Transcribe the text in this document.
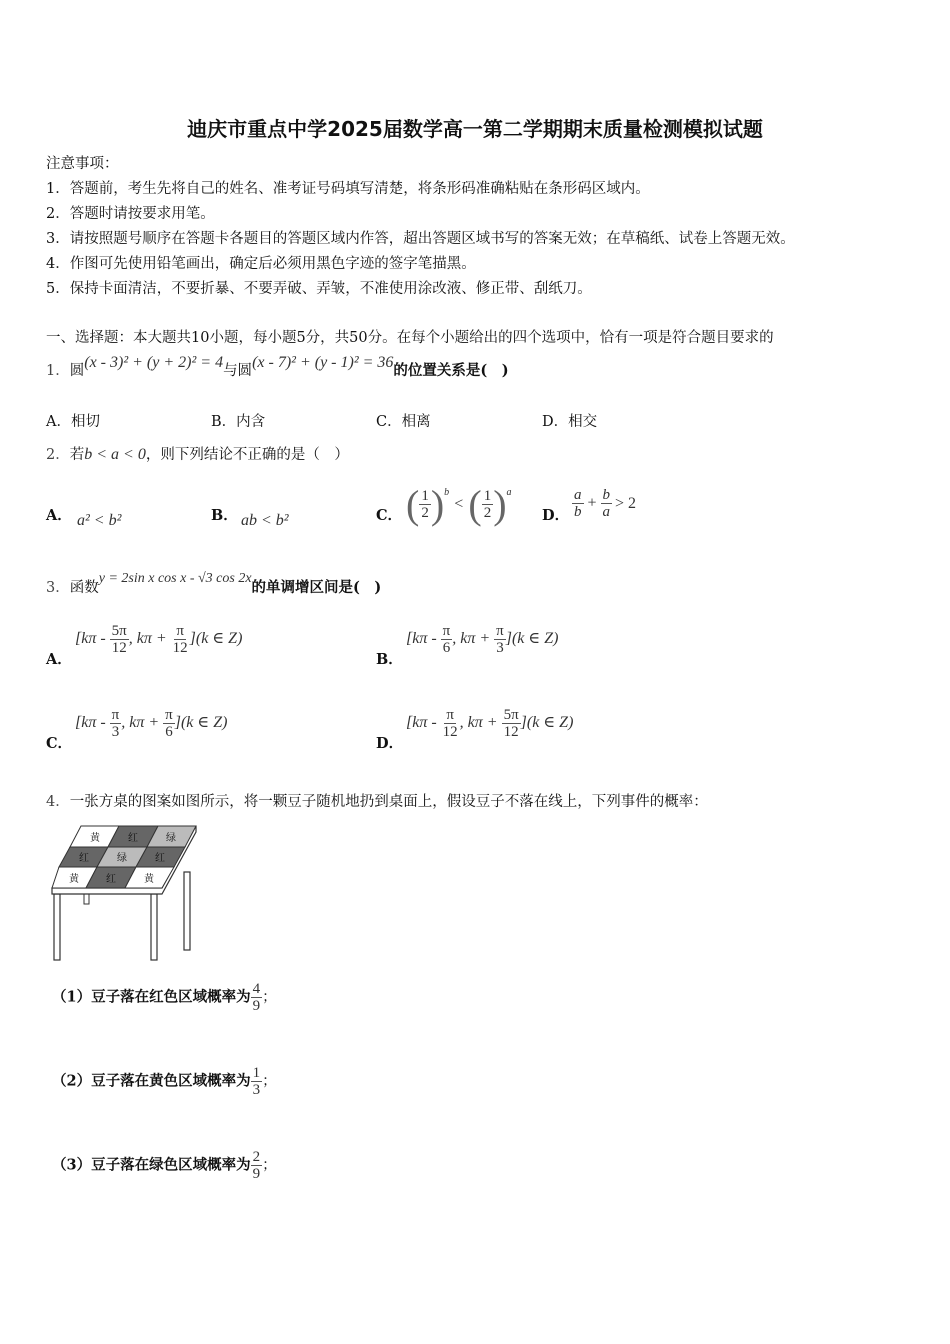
迪庆市重点中学2025届数学高一第二学期期末质量检测模拟试题
注意事项：
1．答题前，考生先将自己的姓名、准考证号码填写清楚，将条形码准确粘贴在条形码区域内。
2．答题时请按要求用笔。
3．请按照题号顺序在答题卡各题目的答题区域内作答，超出答题区域书写的答案无效；在草稿纸、试卷上答题无效。
4．作图可先使用铅笔画出，确定后必须用黑色字迹的签字笔描黑。
5．保持卡面清洁，不要折暴、不要弄破、弄皱，不准使用涂改液、修正带、刮纸刀。
一、选择题：本大题共10小题，每小题5分，共50分。在每个小题给出的四个选项中，恰有一项是符合题目要求的
1．圆(x - 3)² + (y + 2)² = 4与圆(x - 7)² + (y - 1)² = 36的位置关系是(　)
A．相切	B．内含	C．相离	D．相交
2．若b < a < 0，则下列结论不正确的是（　）
A． a² < b²	B． ab < b²	C． ( $\frac{1}{2} )^b$ < ( $\frac{1}{2} )^a$
D． $\frac{a}{b} + \frac{b}{a} > 2$
3．函数y = 2sin x cos x - √3 cos 2x的单调增区间是(　)
A．
[$k\pi - \frac{5\pi}{12}$ , $k\pi + \frac{\pi}{12} ](k$ ∈ Z)
B．
[$k\pi - \frac{\pi}{6}$ , $k\pi + \frac{\pi}{3} ](k$ ∈ Z)
C．
[$k\pi - \frac{\pi}{3}$ , $k\pi + \frac{\pi}{6} ](k$ ∈ Z)
D．
[$k\pi - \frac{\pi}{12}$ , $k\pi + \frac{5\pi}{12} ](k$ ∈ Z)
4．一张方桌的图案如图所示，将一颗豆子随机地扔到桌面上，假设豆子不落在线上，下列事件的概率：
黄	红	绿
红	绿	红
黄	红	黄
（1）豆子落在红色区域概率为 $\frac{4}{9}$ ；
（2）豆子落在黄色区域概率为 $\frac{1}{3}$ ；
（3）豆子落在绿色区域概率为 $\frac{2}{9}$ ；
